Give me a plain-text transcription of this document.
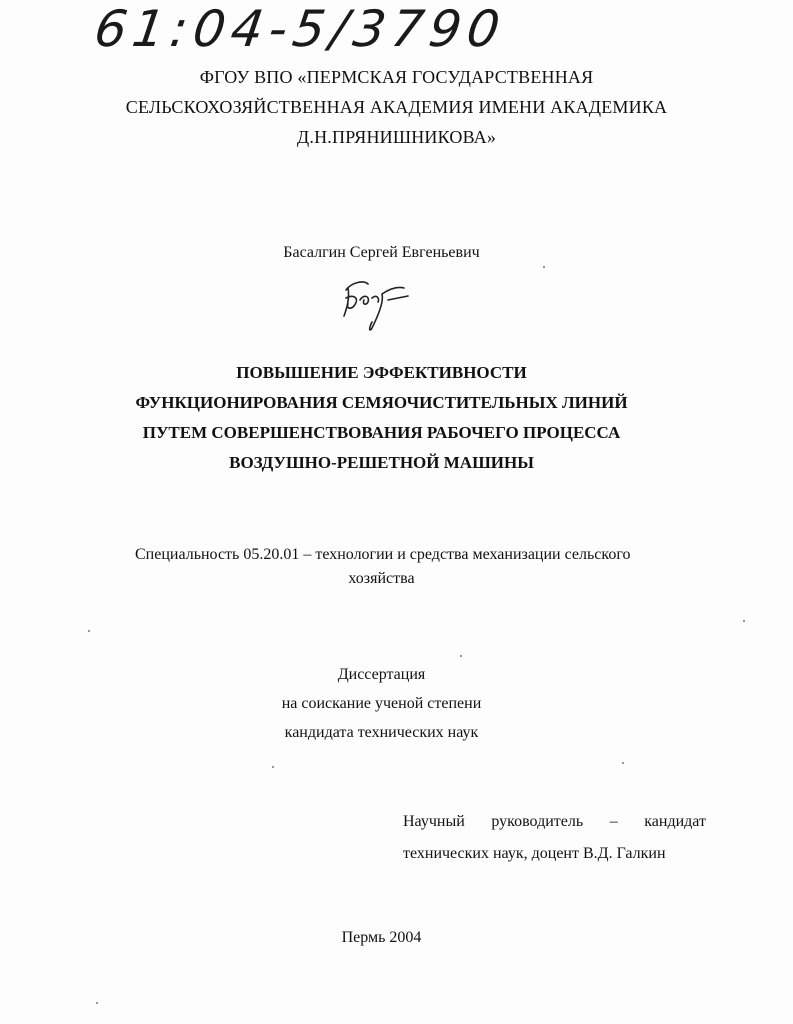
61:04-5/3790
ФГОУ ВПО «ПЕРМСКАЯ ГОСУДАРСТВЕННАЯ
СЕЛЬСКОХОЗЯЙСТВЕННАЯ АКАДЕМИЯ ИМЕНИ АКАДЕМИКА
Д.Н.ПРЯНИШНИКОВА»
Басалгин Сергей Евгеньевич
ПОВЫШЕНИЕ ЭФФЕКТИВНОСТИ
ФУНКЦИОНИРОВАНИЯ СЕМЯОЧИСТИТЕЛЬНЫХ ЛИНИЙ
ПУТЕМ СОВЕРШЕНСТВОВАНИЯ РАБОЧЕГО ПРОЦЕССА
ВОЗДУШНО-РЕШЕТНОЙ МАШИНЫ
Специальность 05.20.01 – технологии и средства механизации сельского
хозяйства
Диссертация
на соискание ученой степени
кандидата технических наук
Научный руководитель – кандидат
технических наук, доцент В.Д. Галкин
Пермь 2004
